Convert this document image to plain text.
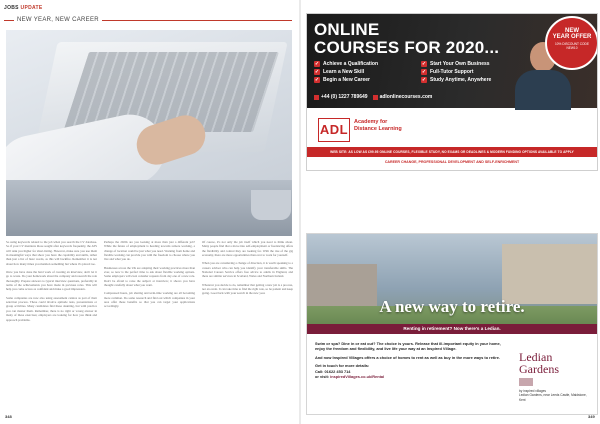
JOBS UPDATE
NEW YEAR, NEW CAREER

So using keywords related to the job when you search the CV database. So if your CV mentions those sought after keywords frequently, the ATS will rank you higher for short-listing. However, make sure you use them in meaningful ways that show you have the capability and skills, rather than just a list of buzz words, as this will backfire. Remember it is not about how many times you mention something but where it's placed too.

Once you have done the hard work of creating an interview, don't let it go to waste. Do your homework about the company and research the role thoroughly. Prepare answers to typical interview questions, preferably in terms of the achievements you have made in previous roles. This will help you come across as confident and make a good impression.

Some companies are now also using assessment centres as part of their selection process. These could involve aptitude tests, presentations or group activities. Many candidates find these daunting, but with practice you can master them. Remember, there is no right or wrong answer in many of these exercises; employers are looking for how you think and approach problems.

Perhaps the 2020s are you looking at more than just a different job? While the future of employment is heading towards remote working, a change of location could be just what you need. Working from home and flexible working can provide you with the freedom to choose where you live and what you do.

Businesses across the UK are adapting their working practices more than ever, so now is the perfect time to ask about flexible working options. Some employers will even consider requests from day one of a new role. Don't be afraid to raise the subject at interview; it shows you have thought carefully about what you want.

Compressed hours, job sharing and term-time working are all becoming more common. Do some research and find out which companies in your area offer these benefits so that you can target your applications accordingly.

Of course, it's not only the job itself which you need to think about. Many people find that a move into self-employment or freelancing offers the flexibility and control they are looking for. With the rise of the gig economy, there are more opportunities than ever to work for yourself.

When you are considering a change of direction, it is worth speaking to a careers adviser who can help you identify your transferable skills. The National Careers Service offers free advice to adults in England, and there are similar services in Scotland, Wales and Northern Ireland.

Whatever you decide to do, remember that getting a new job is a process, not an event. It can take time to find the right role, so be patient and keep going. Good luck with your search in the new year.

348
ONLINE
COURSES FOR 2020...
✓ Achieve a Qualification	✓ Start Your Own Business
✓ Learn a New Skill	✓ Full-Tutor Support
✓ Begin a New Career	✓ Study Anytime, Anywhere
+44 (0) 1227 789649 adlonlinecourses.com
NEW
YEAR OFFER
10% DISCOUNT CODE NEW10
ADL	Academy for
Distance Learning
WEB SITE: AS LOW AS £99.95 ONLINE COURSES, FLEXIBLE STUDY, NO EXAMS OR DEADLINES & MODERN FUNDING OPTIONS AVAILABLE TO APPLY
CAREER CHANGE, PROFESSIONAL DEVELOPMENT AND SELF-ENRICHMENT
A new way to retire.
Renting in retirement? Now there's a Ledian.

Swim or spa? Dine in or eat out? The choice is yours. Release that ill-important equity in your home, enjoy the freedom and flexibility, and live life your way at an Inspired Village.

And now Inspired Villages offers a choice of homes to rent as well as buy in the more ways to retire.

Get in touch for more details:
Call: 01622 453 714
or visit: inspiredVillages.co.uk/Rental

Ledian
Gardens
by inspired villages
Ledian Gardens, near Leeds Castle, Maidstone, Kent
349
